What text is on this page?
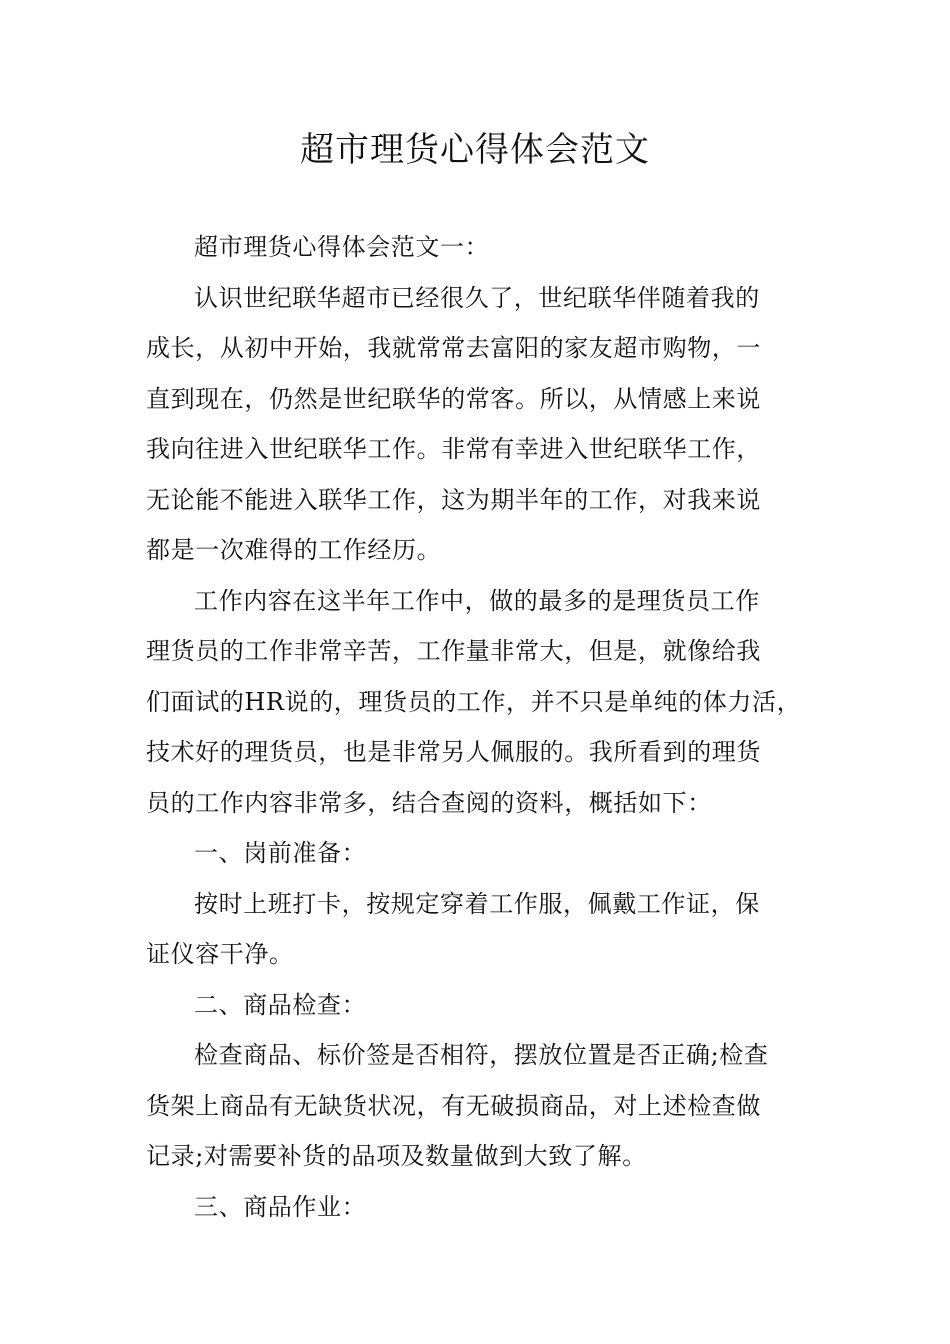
超市理货心得体会范文

超市理货心得体会范文一：

认识世纪联华超市已经很久了，世纪联华伴随着我的
成长，从初中开始，我就常常去富阳的家友超市购物，一
直到现在，仍然是世纪联华的常客。所以，从情感上来说
我向往进入世纪联华工作。非常有幸进入世纪联华工作，
无论能不能进入联华工作，这为期半年的工作，对我来说
都是一次难得的工作经历。

工作内容在这半年工作中，做的最多的是理货员工作
理货员的工作非常辛苦，工作量非常大，但是，就像给我
们面试的HR说的，理货员的工作，并不只是单纯的体力活，
技术好的理货员，也是非常另人佩服的。我所看到的理货
员的工作内容非常多，结合查阅的资料，概括如下：

一、岗前准备：

按时上班打卡，按规定穿着工作服，佩戴工作证，保
证仪容干净。

二、商品检查：

检查商品、标价签是否相符，摆放位置是否正确;检查
货架上商品有无缺货状况，有无破损商品，对上述检查做
记录;对需要补货的品项及数量做到大致了解。

三、商品作业：
